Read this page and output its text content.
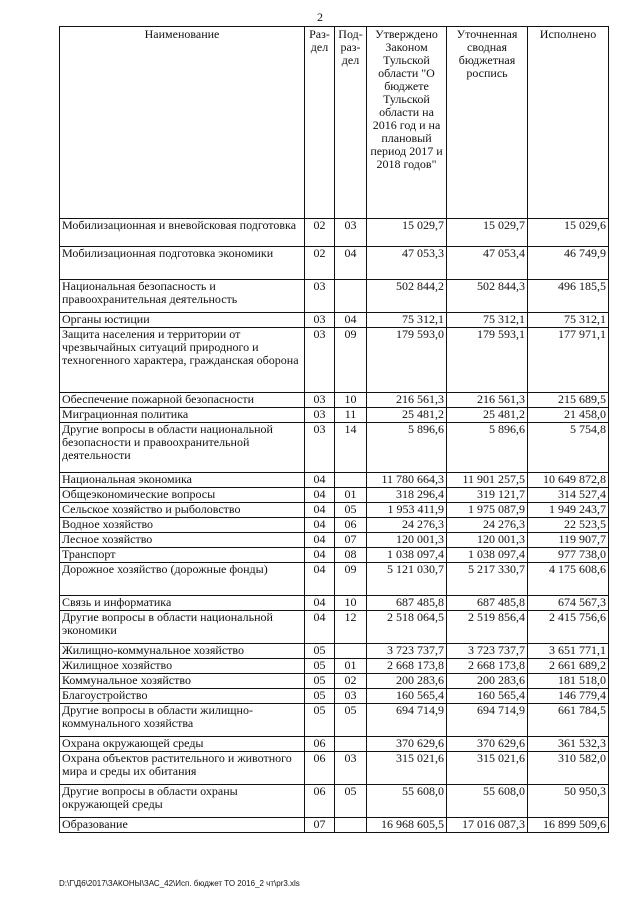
2
Наименование	Раз-дел	Под-раз-дел	Утверждено Законом Тульской области "О бюджете Тульской области на 2016 год и на плановый период 2017 и 2018 годов"	Уточненная сводная бюджетная роспись	Исполнено
Мобилизационная и вневойсковая подготовка	02	03	15 029,7	15 029,7	15 029,6
Мобилизационная подготовка экономики	02	04	47 053,3	47 053,4	46 749,9
Национальная безопасность и правоохранительная деятельность	03		502 844,2	502 844,3	496 185,5
Органы юстиции	03	04	75 312,1	75 312,1	75 312,1
Защита населения и территории от чрезвычайных ситуаций природного и техногенного характера, гражданская оборона	03	09	179 593,0	179 593,1	177 971,1
Обеспечение пожарной безопасности	03	10	216 561,3	216 561,3	215 689,5
Миграционная политика	03	11	25 481,2	25 481,2	21 458,0
Другие вопросы в области национальной безопасности и правоохранительной деятельности	03	14	5 896,6	5 896,6	5 754,8
Национальная экономика	04		11 780 664,3	11 901 257,5	10 649 872,8
Общеэкономические вопросы	04	01	318 296,4	319 121,7	314 527,4
Сельское хозяйство и рыболовство	04	05	1 953 411,9	1 975 087,9	1 949 243,7
Водное хозяйство	04	06	24 276,3	24 276,3	22 523,5
Лесное хозяйство	04	07	120 001,3	120 001,3	119 907,7
Транспорт	04	08	1 038 097,4	1 038 097,4	977 738,0
Дорожное хозяйство (дорожные фонды)	04	09	5 121 030,7	5 217 330,7	4 175 608,6
Связь и информатика	04	10	687 485,8	687 485,8	674 567,3
Другие вопросы в области национальной экономики	04	12	2 518 064,5	2 519 856,4	2 415 756,6
Жилищно-коммунальное хозяйство	05		3 723 737,7	3 723 737,7	3 651 771,1
Жилищное хозяйство	05	01	2 668 173,8	2 668 173,8	2 661 689,2
Коммунальное хозяйство	05	02	200 283,6	200 283,6	181 518,0
Благоустройство	05	03	160 565,4	160 565,4	146 779,4
Другие вопросы в области жилищно-коммунального хозяйства	05	05	694 714,9	694 714,9	661 784,5
Охрана окружающей среды	06		370 629,6	370 629,6	361 532,3
Охрана объектов растительного и животного мира и среды их обитания	06	03	315 021,6	315 021,6	310 582,0
Другие вопросы в области охраны окружающей среды	06	05	55 608,0	55 608,0	50 950,3
Образование	07		16 968 605,5	17 016 087,3	16 899 509,6
D:\Г\Д6\2017\ЗАКОНЫ\ЗАС_42\Исп. бюджет ТО 2016_2 чт\pr3.xls
